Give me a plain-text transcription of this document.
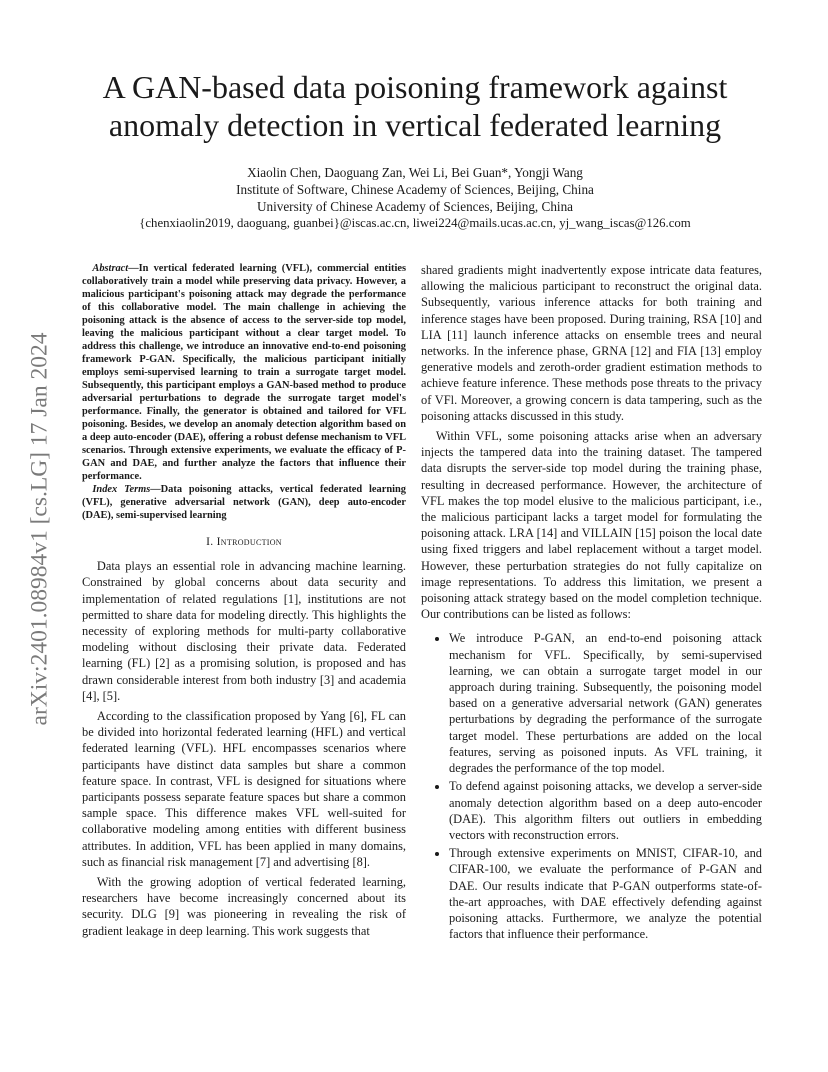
arXiv:2401.08984v1 [cs.LG] 17 Jan 2024
A GAN-based data poisoning framework against anomaly detection in vertical federated learning
Xiaolin Chen, Daoguang Zan, Wei Li, Bei Guan*, Yongji Wang
Institute of Software, Chinese Academy of Sciences, Beijing, China
University of Chinese Academy of Sciences, Beijing, China
{chenxiaolin2019, daoguang, guanbei}@iscas.ac.cn, liwei224@mails.ucas.ac.cn, yj_wang_iscas@126.com

Abstract—In vertical federated learning (VFL), commercial entities collaboratively train a model while preserving data privacy. However, a malicious participant's poisoning attack may degrade the performance of this collaborative model. The main challenge in achieving the poisoning attack is the absence of access to the server-side top model, leaving the malicious participant without a clear target model. To address this challenge, we introduce an innovative end-to-end poisoning framework P-GAN. Specifically, the malicious participant initially employs semi-supervised learning to train a surrogate target model. Subsequently, this participant employs a GAN-based method to produce adversarial perturbations to degrade the surrogate target model's performance. Finally, the generator is obtained and tailored for VFL poisoning. Besides, we develop an anomaly detection algorithm based on a deep auto-encoder (DAE), offering a robust defense mechanism to VFL scenarios. Through extensive experiments, we evaluate the efficacy of P-GAN and DAE, and further analyze the factors that influence their performance.

Index Terms—Data poisoning attacks, vertical federated learning (VFL), generative adversarial network (GAN), deep auto-encoder (DAE), semi-supervised learning

I. Introduction

Data plays an essential role in advancing machine learning. Constrained by global concerns about data security and implementation of related regulations [1], institutions are not permitted to share data for modeling directly. This highlights the necessity of exploring methods for multi-party collaborative modeling without disclosing their private data. Federated learning (FL) [2] as a promising solution, is proposed and has drawn considerable interest from both industry [3] and academia [4], [5].

According to the classification proposed by Yang [6], FL can be divided into horizontal federated learning (HFL) and vertical federated learning (VFL). HFL encompasses scenarios where participants have distinct data samples but share a common feature space. In contrast, VFL is designed for situations where participants possess separate feature spaces but share a common sample space. This difference makes VFL well-suited for collaborative modeling among entities with different business attributes. In addition, VFL has been applied in many domains, such as financial risk management [7] and advertising [8].

With the growing adoption of vertical federated learning, researchers have become increasingly concerned about its security. DLG [9] was pioneering in revealing the risk of gradient leakage in deep learning. This work suggests that

shared gradients might inadvertently expose intricate data features, allowing the malicious participant to reconstruct the original data. Subsequently, various inference attacks for both training and inference stages have been proposed. During training, RSA [10] and LIA [11] launch inference attacks on ensemble trees and neural networks. In the inference phase, GRNA [12] and FIA [13] employ generative models and zeroth-order gradient estimation methods to achieve feature inference. These methods pose threats to the privacy of VFl. Moreover, a growing concern is data tampering, such as the poisoning attacks discussed in this study.

Within VFL, some poisoning attacks arise when an adversary injects the tampered data into the training dataset. The tampered data disrupts the server-side top model during the training phase, resulting in decreased performance. However, the architecture of VFL makes the top model elusive to the malicious participant, i.e., the malicious participant lacks a target model for formulating the poisoning attack. LRA [14] and VILLAIN [15] poison the local date using fixed triggers and label replacement without a target model. However, these perturbation strategies do not fully capitalize on image representations. To address this limitation, we present a poisoning attack strategy based on the model completion technique. Our contributions can be listed as follows:

• We introduce P-GAN, an end-to-end poisoning attack mechanism for VFL. Specifically, by semi-supervised learning, we can obtain a surrogate target model in our approach during training. Subsequently, the poisoning model based on a generative adversarial network (GAN) generates perturbations by degrading the performance of the surrogate target model. These perturbations are added on the local features, serving as poisoned inputs. As VFL training, it degrades the performance of the top model.
• To defend against poisoning attacks, we develop a server-side anomaly detection algorithm based on a deep auto-encoder (DAE). This algorithm filters out outliers in embedding vectors with reconstruction errors.
• Through extensive experiments on MNIST, CIFAR-10, and CIFAR-100, we evaluate the performance of P-GAN and DAE. Our results indicate that P-GAN outperforms state-of-the-art approaches, with DAE effectively defending against poisoning attacks. Furthermore, we analyze the potential factors that influence their performance.
